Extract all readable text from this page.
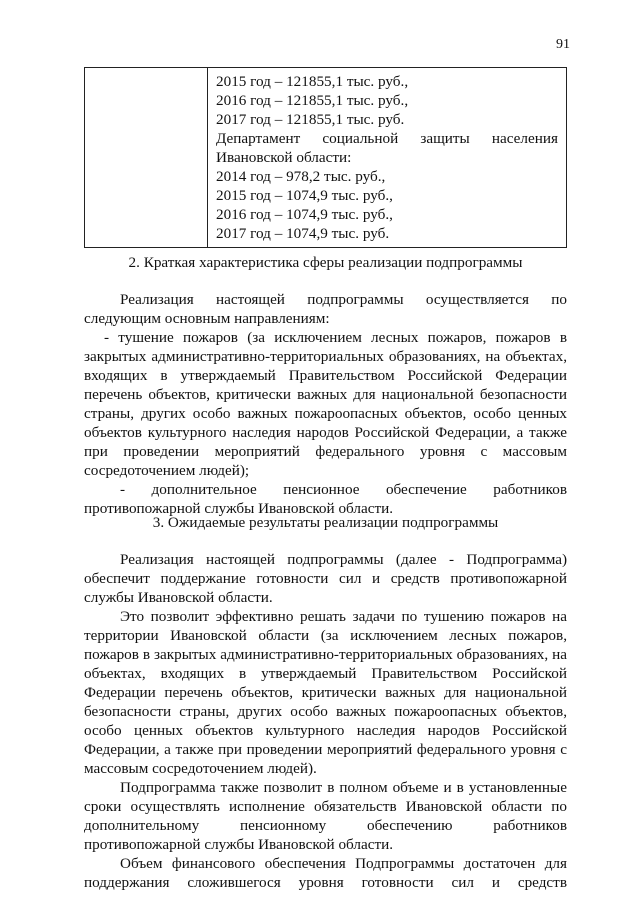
91

2015 год – 121855,1 тыс. руб.,
2016 год – 121855,1 тыс. руб.,
2017 год – 121855,1 тыс. руб.
Департамент социальной защиты населения
Ивановской области:
2014 год – 978,2 тыс. руб.,
2015 год – 1074,9 тыс. руб.,
2016 год – 1074,9 тыс. руб.,
2017 год – 1074,9 тыс. руб.
2. Краткая характеристика сферы реализации подпрограммы
Реализация настоящей подпрограммы осуществляется по
следующим основным направлениям:
- тушение пожаров (за исключением лесных пожаров, пожаров в
закрытых административно-территориальных образованиях, на объектах,
входящих в утверждаемый Правительством Российской Федерации
перечень объектов, критически важных для национальной безопасности
страны, других особо важных пожароопасных объектов, особо ценных
объектов культурного наследия народов Российской Федерации, а также
при проведении мероприятий федерального уровня с массовым
сосредоточением людей);
- дополнительное пенсионное обеспечение работников
противопожарной службы Ивановской области.
3. Ожидаемые результаты реализации подпрограммы
Реализация настоящей подпрограммы (далее - Подпрограмма)
обеспечит поддержание готовности сил и средств противопожарной
службы Ивановской области.
Это позволит эффективно решать задачи по тушению пожаров на
территории Ивановской области (за исключением лесных пожаров,
пожаров в закрытых административно-территориальных образованиях, на
объектах, входящих в утверждаемый Правительством Российской
Федерации перечень объектов, критически важных для национальной
безопасности страны, других особо важных пожароопасных объектов,
особо ценных объектов культурного наследия народов Российской
Федерации, а также при проведении мероприятий федерального уровня с
массовым сосредоточением людей).
Подпрограмма также позволит в полном объеме и в установленные
сроки осуществлять исполнение обязательств Ивановской области по
дополнительному пенсионному обеспечению работников
противопожарной службы Ивановской области.
Объем финансового обеспечения Подпрограммы достаточен для
поддержания сложившегося уровня готовности сил и средств
